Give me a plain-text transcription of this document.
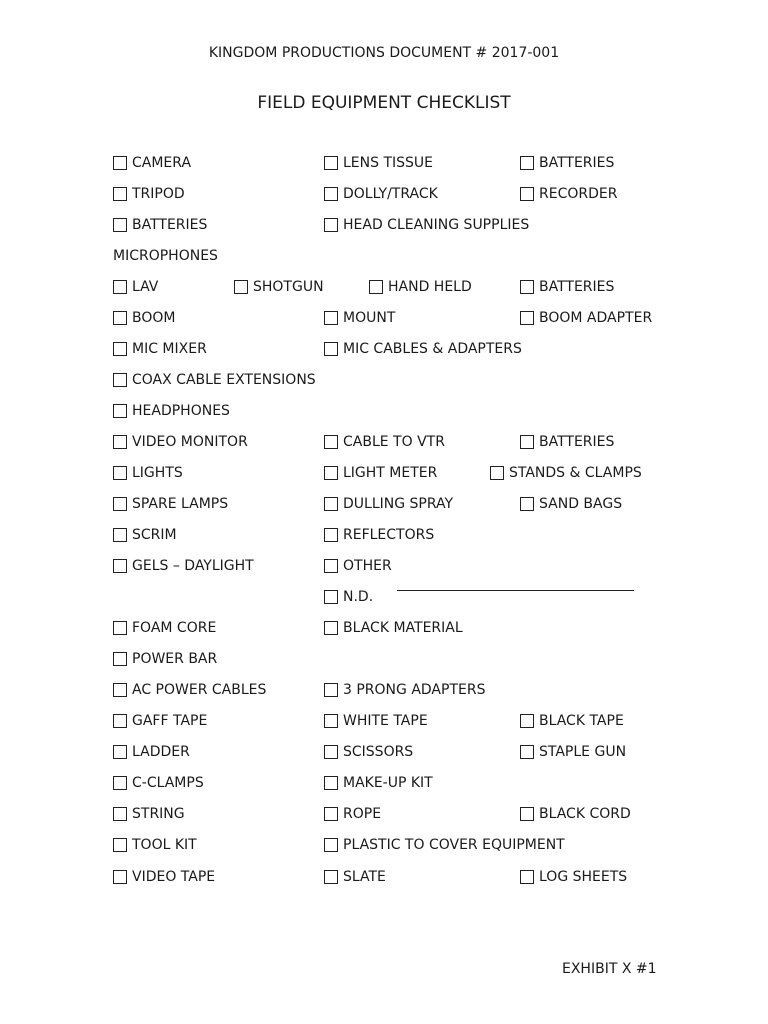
KINGDOM PRODUCTIONS DOCUMENT # 2017-001
FIELD EQUIPMENT CHECKLIST
MICROPHONES
EXHIBIT X #1
CAMERA	LENS TISSUE	BATTERIES
TRIPOD	DOLLY/TRACK	RECORDER
BATTERIES	HEAD CLEANING SUPPLIES
LAV	SHOTGUN	HAND HELD	BATTERIES
BOOM	MOUNT	BOOM ADAPTER
MIC MIXER	MIC CABLES & ADAPTERS
COAX CABLE EXTENSIONS
HEADPHONES
VIDEO MONITOR	CABLE TO VTR	BATTERIES
LIGHTS	LIGHT METER	STANDS & CLAMPS
SPARE LAMPS	DULLING SPRAY	SAND BAGS
SCRIM	REFLECTORS
GELS – DAYLIGHT	OTHER
N.D.
FOAM CORE	BLACK MATERIAL
POWER BAR
AC POWER CABLES	3 PRONG ADAPTERS
GAFF TAPE	WHITE TAPE	BLACK TAPE
LADDER	SCISSORS	STAPLE GUN
C-CLAMPS	MAKE-UP KIT
STRING	ROPE	BLACK CORD
TOOL KIT	PLASTIC TO COVER EQUIPMENT
VIDEO TAPE	SLATE	LOG SHEETS
